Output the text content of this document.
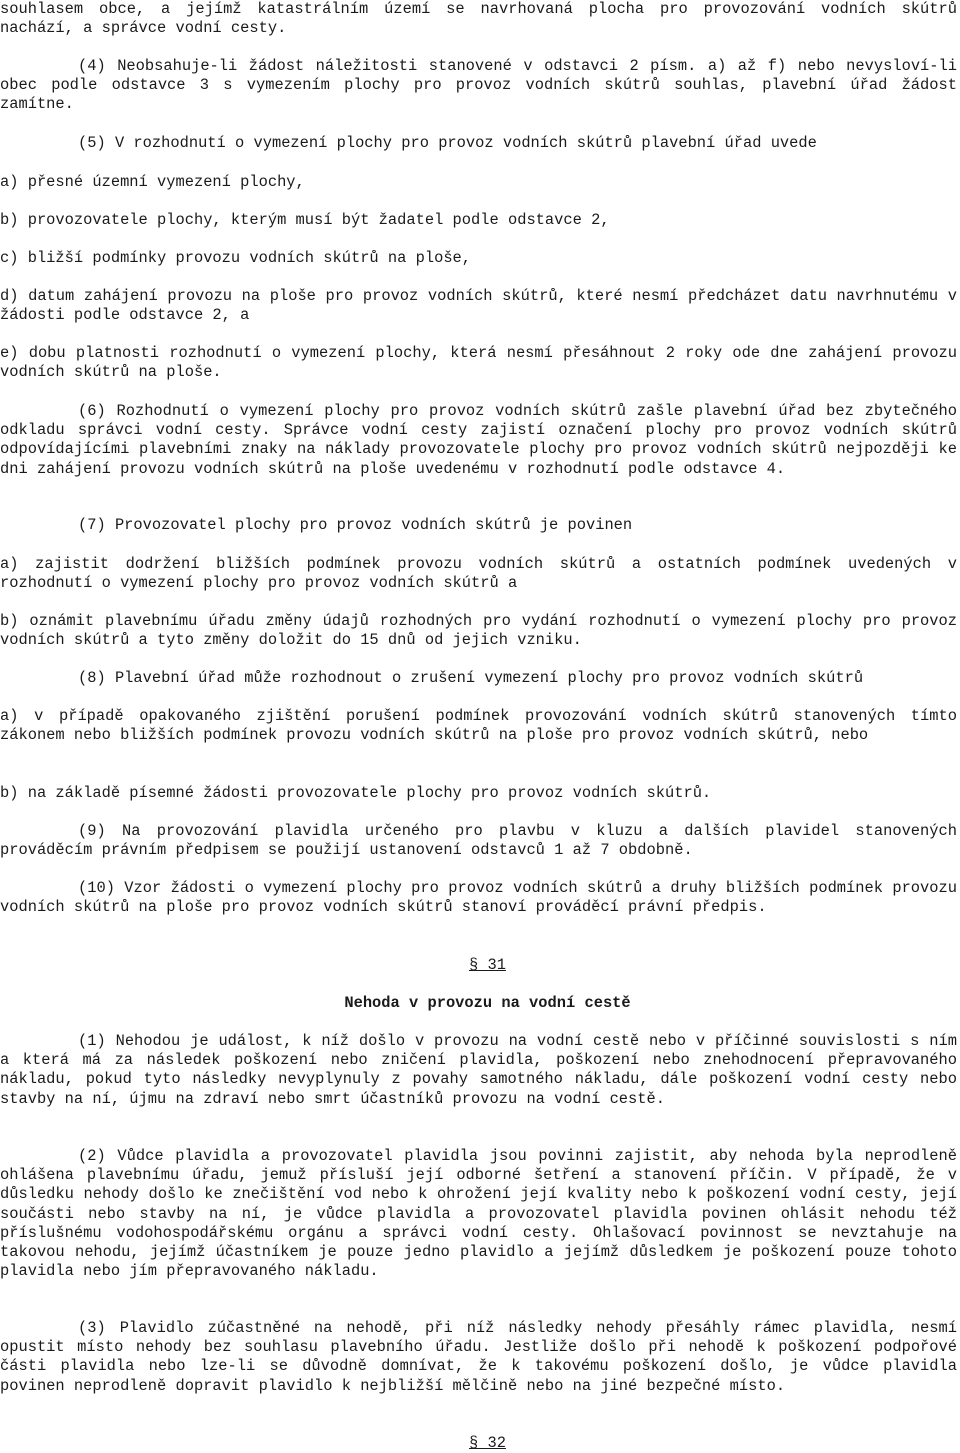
souhlasem obce, a jejímž katastrálním území se navrhovaná plocha pro provozování vodních skútrů nachází, a správce vodní cesty.

(4) Neobsahuje-li žádost náležitosti stanovené v odstavci 2 písm. a) až f) nebo nevysloví-li obec podle odstavce 3 s vymezením plochy pro provoz vodních skútrů souhlas, plavební úřad žádost zamítne.

(5) V rozhodnutí o vymezení plochy pro provoz vodních skútrů plavební úřad uvede

a) přesné územní vymezení plochy,

b) provozovatele plochy, kterým musí být žadatel podle odstavce 2,

c) bližší podmínky provozu vodních skútrů na ploše,

d) datum zahájení provozu na ploše pro provoz vodních skútrů, které nesmí předcházet datu navrhnutému v žádosti podle odstavce 2, a

e) dobu platnosti rozhodnutí o vymezení plochy, která nesmí přesáhnout 2 roky ode dne zahájení provozu vodních skútrů na ploše.

(6) Rozhodnutí o vymezení plochy pro provoz vodních skútrů zašle plavební úřad bez zbytečného odkladu správci vodní cesty. Správce vodní cesty zajistí označení plochy pro provoz vodních skútrů odpovídajícími plavebními znaky na náklady provozovatele plochy pro provoz vodních skútrů nejpozději ke dni zahájení provozu vodních skútrů na ploše uvedenému v rozhodnutí podle odstavce 4.

(7) Provozovatel plochy pro provoz vodních skútrů je povinen

a) zajistit dodržení bližších podmínek provozu vodních skútrů a ostatních podmínek uvedených v rozhodnutí o vymezení plochy pro provoz vodních skútrů a

b) oznámit plavebnímu úřadu změny údajů rozhodných pro vydání rozhodnutí o vymezení plochy pro provoz vodních skútrů a tyto změny doložit do 15 dnů od jejich vzniku.

(8) Plavební úřad může rozhodnout o zrušení vymezení plochy pro provoz vodních skútrů

a) v případě opakovaného zjištění porušení podmínek provozování vodních skútrů stanovených tímto zákonem nebo bližších podmínek provozu vodních skútrů na ploše pro provoz vodních skútrů, nebo

b) na základě písemné žádosti provozovatele plochy pro provoz vodních skútrů.

(9) Na provozování plavidla určeného pro plavbu v kluzu a dalších plavidel stanovených prováděcím právním předpisem se použijí ustanovení odstavců 1 až 7 obdobně.

(10) Vzor žádosti o vymezení plochy pro provoz vodních skútrů a druhy bližších podmínek provozu vodních skútrů na ploše pro provoz vodních skútrů stanoví prováděcí právní předpis.

§ 31

Nehoda v provozu na vodní cestě

(1) Nehodou je událost, k níž došlo v provozu na vodní cestě nebo v příčinné souvislosti s ním a která má za následek poškození nebo zničení plavidla, poškození nebo znehodnocení přepravovaného nákladu, pokud tyto následky nevyplynuly z povahy samotného nákladu, dále poškození vodní cesty nebo stavby na ní, újmu na zdraví nebo smrt účastníků provozu na vodní cestě.

(2) Vůdce plavidla a provozovatel plavidla jsou povinni zajistit, aby nehoda byla neprodleně ohlášena plavebnímu úřadu, jemuž přísluší její odborné šetření a stanovení příčin. V případě, že v důsledku nehody došlo ke znečištění vod nebo k ohrožení její kvality nebo k poškození vodní cesty, její součásti nebo stavby na ní, je vůdce plavidla a provozovatel plavidla povinen ohlásit nehodu též příslušnému vodohospodářskému orgánu a správci vodní cesty. Ohlašovací povinnost se nevztahuje na takovou nehodu, jejímž účastníkem je pouze jedno plavidlo a jejímž důsledkem je poškození pouze tohoto plavidla nebo jím přepravovaného nákladu.

(3) Plavidlo zúčastněné na nehodě, při níž následky nehody přesáhly rámec plavidla, nesmí opustit místo nehody bez souhlasu plavebního úřadu. Jestliže došlo při nehodě k poškození podpořové části plavidla nebo lze-li se důvodně domnívat, že k takovému poškození došlo, je vůdce plavidla povinen neprodleně dopravit plavidlo k nejbližší mělčině nebo na jiné bezpečné místo.

§ 32
